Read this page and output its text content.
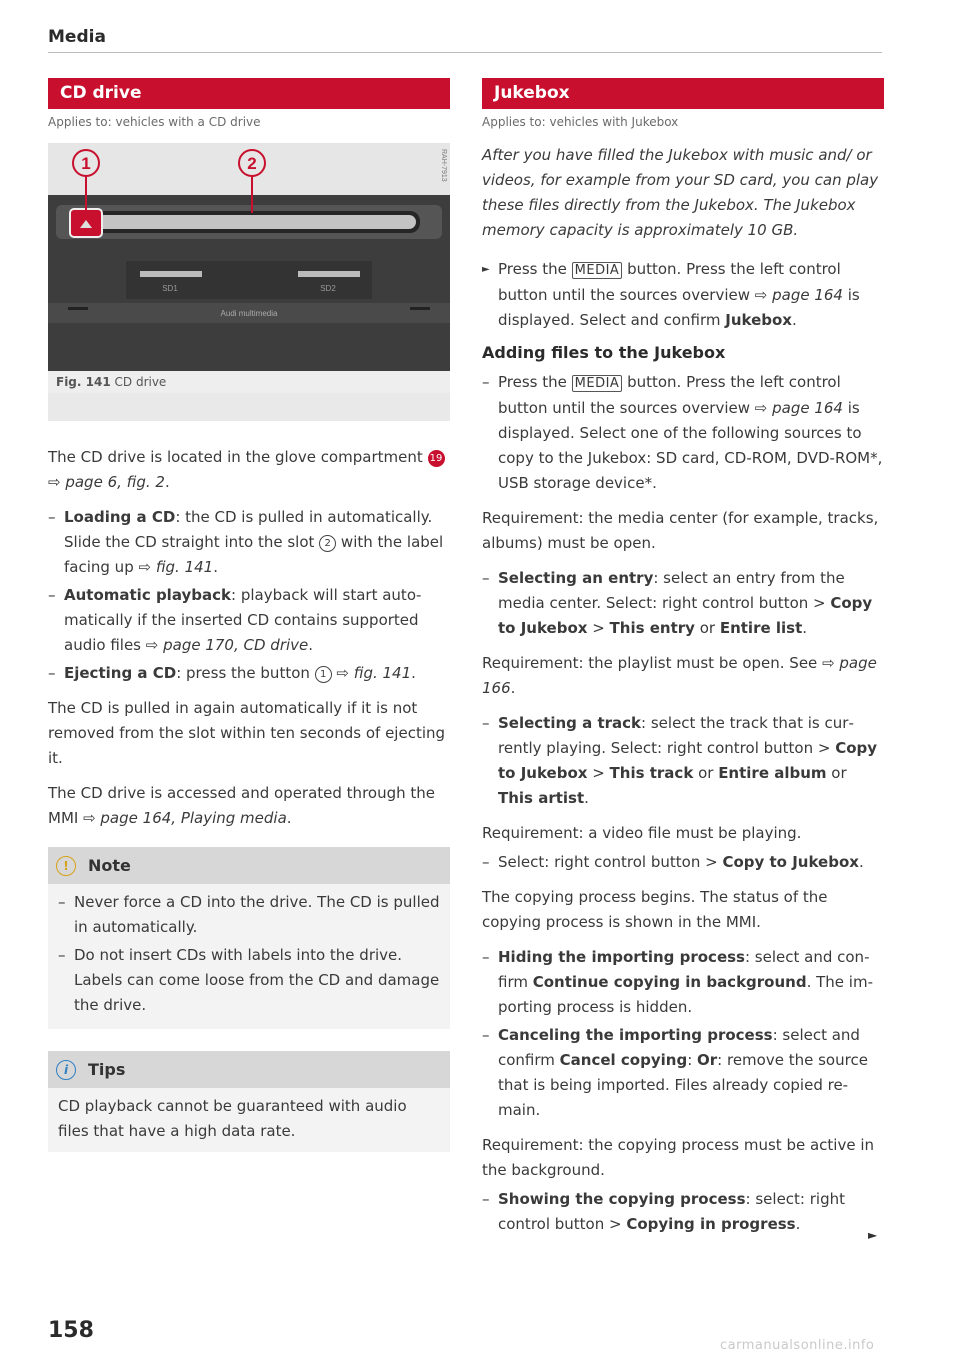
Media
CD drive
Applies to: vehicles with a CD drive
1	2
SD1	SD2
Audi multimedia
RAH-7913
Fig. 141 CD drive
The CD drive is located in the glove compartment 19 ⇨ page 6, fig. 2.
– Loading a CD: the CD is pulled in automatically. Slide the CD straight into the slot 2 with the label facing up ⇨ fig. 141.
– Automatic playback: playback will start automatically if the inserted CD contains supported audio files ⇨ page 170, CD drive.
– Ejecting a CD: press the button 1 ⇨ fig. 141.
The CD is pulled in again automatically if it is not removed from the slot within ten seconds of ejecting it.
The CD drive is accessed and operated through the MMI ⇨ page 164, Playing media.
! Note
– Never force a CD into the drive. The CD is pulled in automatically.
– Do not insert CDs with labels into the drive. Labels can come loose from the CD and damage the drive.
i Tips
CD playback cannot be guaranteed with audio files that have a high data rate.
Jukebox
Applies to: vehicles with Jukebox
After you have filled the Jukebox with music and/ or videos, for example from your SD card, you can play these files directly from the Jukebox. The Jukebox memory capacity is approximately 10 GB.
► Press the MEDIA button. Press the left control button until the sources overview ⇨ page 164 is displayed. Select and confirm Jukebox.
Adding files to the Jukebox
– Press the MEDIA button. Press the left control button until the sources overview ⇨ page 164 is displayed. Select one of the following sources to copy to the Jukebox: SD card, CD-ROM, DVD-ROM*, USB storage device*.
Requirement: the media center (for example, tracks, albums) must be open.
– Selecting an entry: select an entry from the media center. Select: right control button > Copy to Jukebox > This entry or Entire list.
Requirement: the playlist must be open. See ⇨ page 166.
– Selecting a track: select the track that is currently playing. Select: right control button > Copy to Jukebox > This track or Entire album or This artist.
Requirement: a video file must be playing.
– Select: right control button > Copy to Jukebox.
The copying process begins. The status of the copying process is shown in the MMI.
– Hiding the importing process: select and confirm Continue copying in background. The importing process is hidden.
– Canceling the importing process: select and confirm Cancel copying: Or: remove the source that is being imported. Files already copied remain.
Requirement: the copying process must be active in the background.
– Showing the copying process: select: right control button > Copying in progress.
►
158
carmanualsonline.info
